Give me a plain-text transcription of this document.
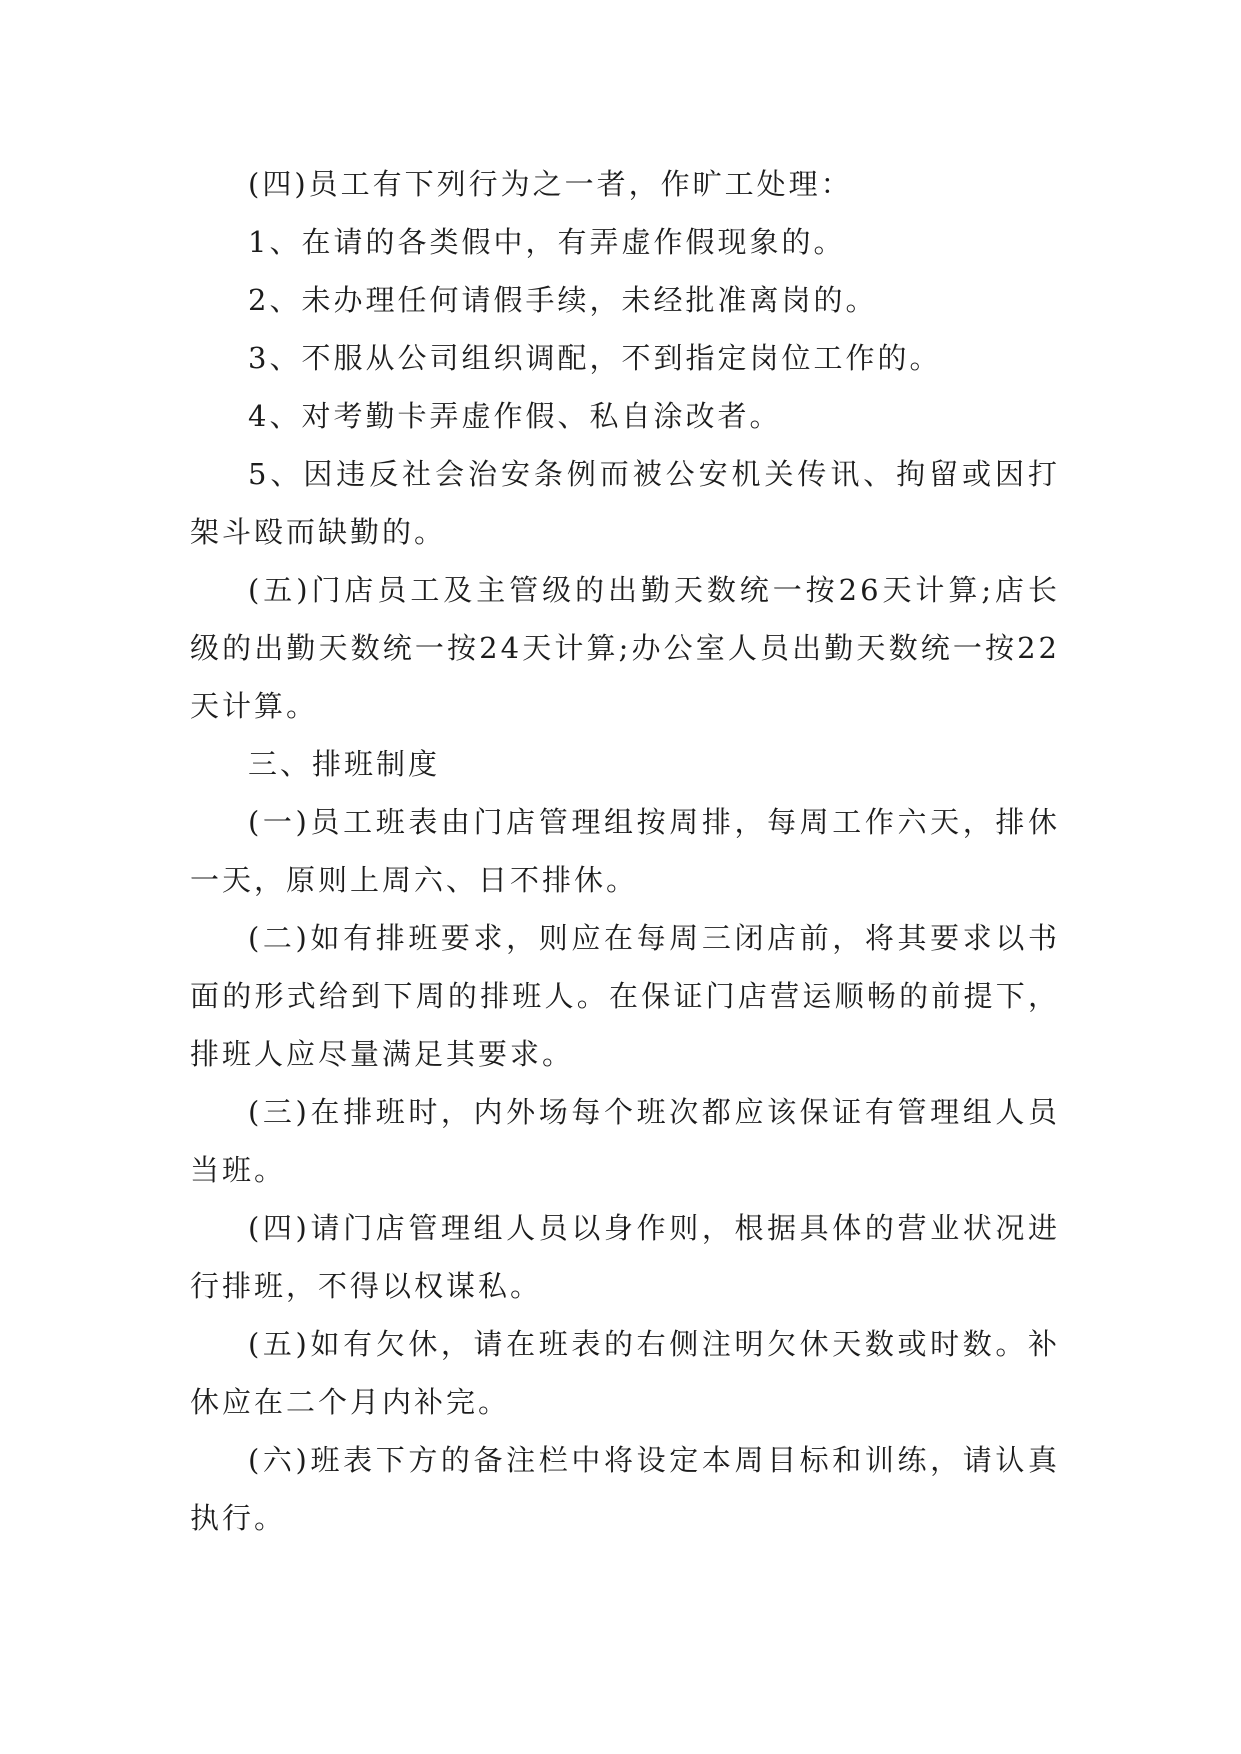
(四)员工有下列行为之一者，作旷工处理：

1、在请的各类假中，有弄虚作假现象的。

2、未办理任何请假手续，未经批准离岗的。

3、不服从公司组织调配，不到指定岗位工作的。

4、对考勤卡弄虚作假、私自涂改者。

5、因违反社会治安条例而被公安机关传讯、拘留或因打架斗殴而缺勤的。

(五)门店员工及主管级的出勤天数统一按26天计算;店长级的出勤天数统一按24天计算;办公室人员出勤天数统一按22天计算。

三、排班制度

(一)员工班表由门店管理组按周排，每周工作六天，排休一天，原则上周六、日不排休。

(二)如有排班要求，则应在每周三闭店前，将其要求以书面的形式给到下周的排班人。在保证门店营运顺畅的前提下，排班人应尽量满足其要求。

(三)在排班时，内外场每个班次都应该保证有管理组人员当班。

(四)请门店管理组人员以身作则，根据具体的营业状况进行排班，不得以权谋私。

(五)如有欠休，请在班表的右侧注明欠休天数或时数。补休应在二个月内补完。

(六)班表下方的备注栏中将设定本周目标和训练，请认真执行。
